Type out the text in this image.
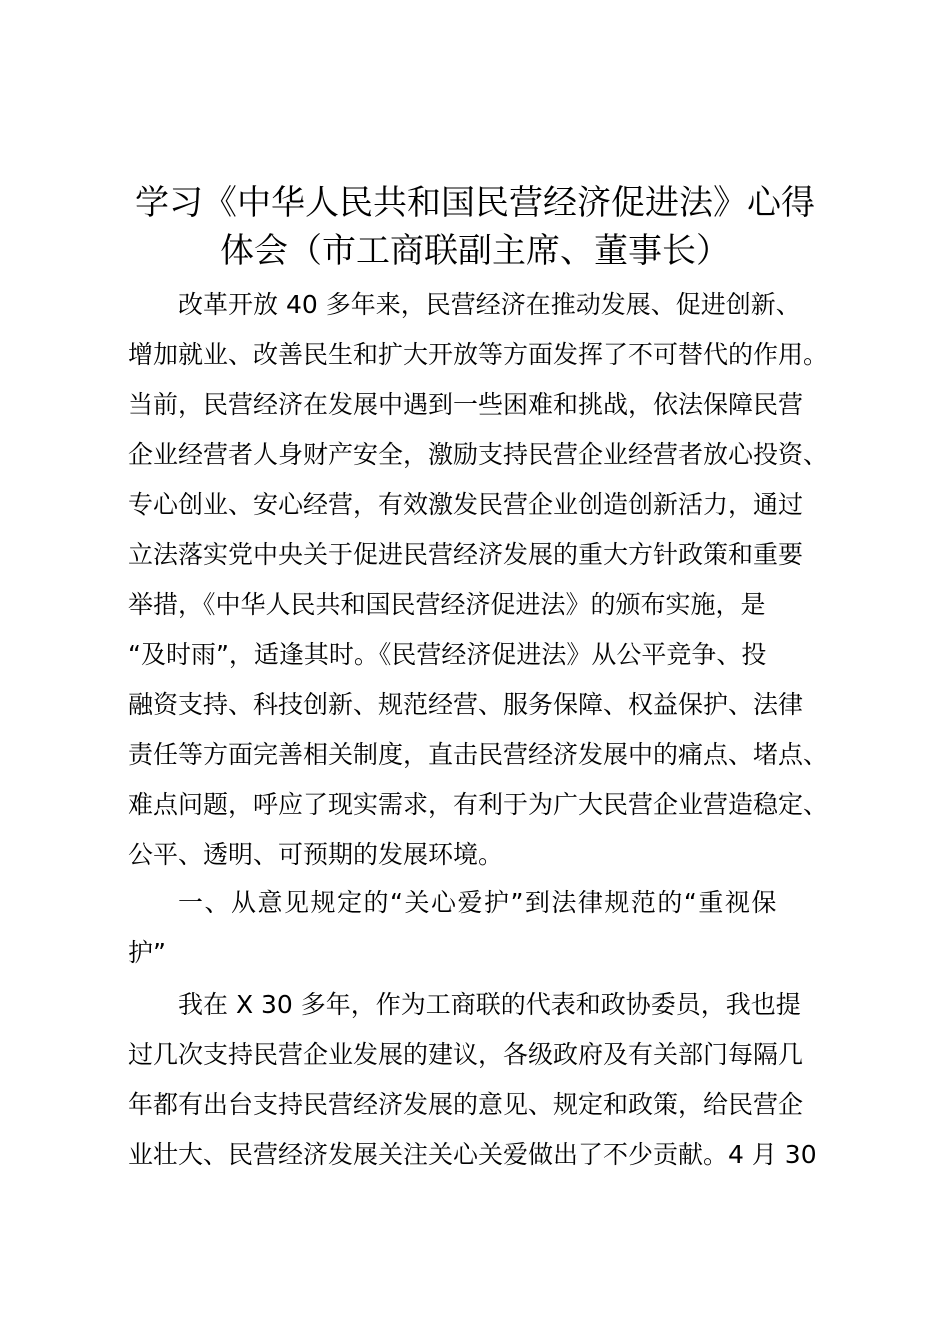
学习《中华人民共和国民营经济促进法》心得
体会（市工商联副主席、董事长）
改革开放 40 多年来，民营经济在推动发展、促进创新、
增加就业、改善民生和扩大开放等方面发挥了不可替代的作用。
当前，民营经济在发展中遇到一些困难和挑战，依法保障民营
企业经营者人身财产安全，激励支持民营企业经营者放心投资、
专心创业、安心经营，有效激发民营企业创造创新活力，通过
立法落实党中央关于促进民营经济发展的重大方针政策和重要
举措，《中华人民共和国民营经济促进法》的颁布实施，是
“及时雨”，适逢其时。《民营经济促进法》从公平竞争、投
融资支持、科技创新、规范经营、服务保障、权益保护、法律
责任等方面完善相关制度，直击民营经济发展中的痛点、堵点、
难点问题，呼应了现实需求，有利于为广大民营企业营造稳定、
公平、透明、可预期的发展环境。
一、从意见规定的“关心爱护”到法律规范的“重视保
护”
我在 X 30 多年，作为工商联的代表和政协委员，我也提
过几次支持民营企业发展的建议，各级政府及有关部门每隔几
年都有出台支持民营经济发展的意见、规定和政策，给民营企
业壮大、民营经济发展关注关心关爱做出了不少贡献。4 月 30
